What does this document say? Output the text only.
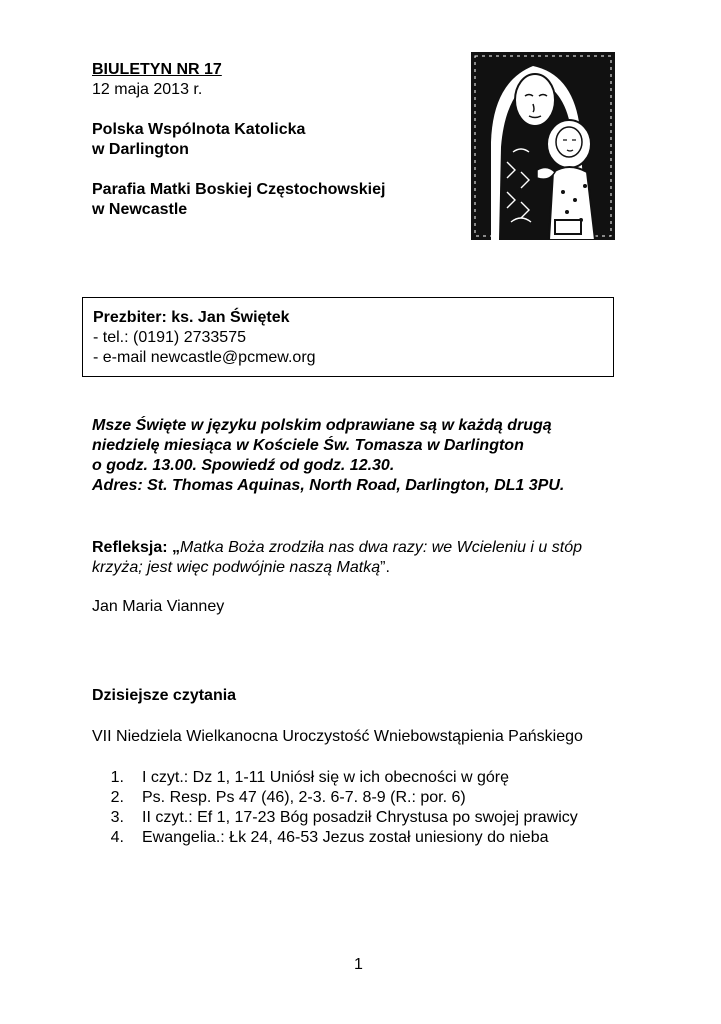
BIULETYN NR 17
12 maja 2013 r.
Polska Wspólnota Katolicka
w Darlington
Parafia Matki Boskiej Częstochowskiej
w Newcastle
Prezbiter: ks. Jan Świętek
- tel.: (0191) 2733575
- e-mail newcastle@pcmew.org
Msze Święte w języku polskim odprawiane są w każdą drugą
niedzielę miesiąca w Kościele Św. Tomasza w Darlington
o godz. 13.00. Spowiedź od godz. 12.30.
Adres: St. Thomas Aquinas, North Road, Darlington, DL1 3PU.
Refleksja: „Matka Boża zrodziła nas dwa razy: we Wcieleniu i u stóp
krzyża; jest więc podwójnie naszą Matką”.
Jan Maria Vianney
Dzisiejsze czytania
VII Niedziela Wielkanocna Uroczystość Wniebowstąpienia Pańskiego
1.	I czyt.: Dz 1, 1-11 Uniósł się w ich obecności w górę
2.	Ps. Resp. Ps 47 (46), 2-3. 6-7. 8-9 (R.: por. 6)
3.	II czyt.: Ef 1, 17-23 Bóg posadził Chrystusa po swojej prawicy
4.	Ewangelia.: Łk 24, 46-53 Jezus został uniesiony do nieba
1
